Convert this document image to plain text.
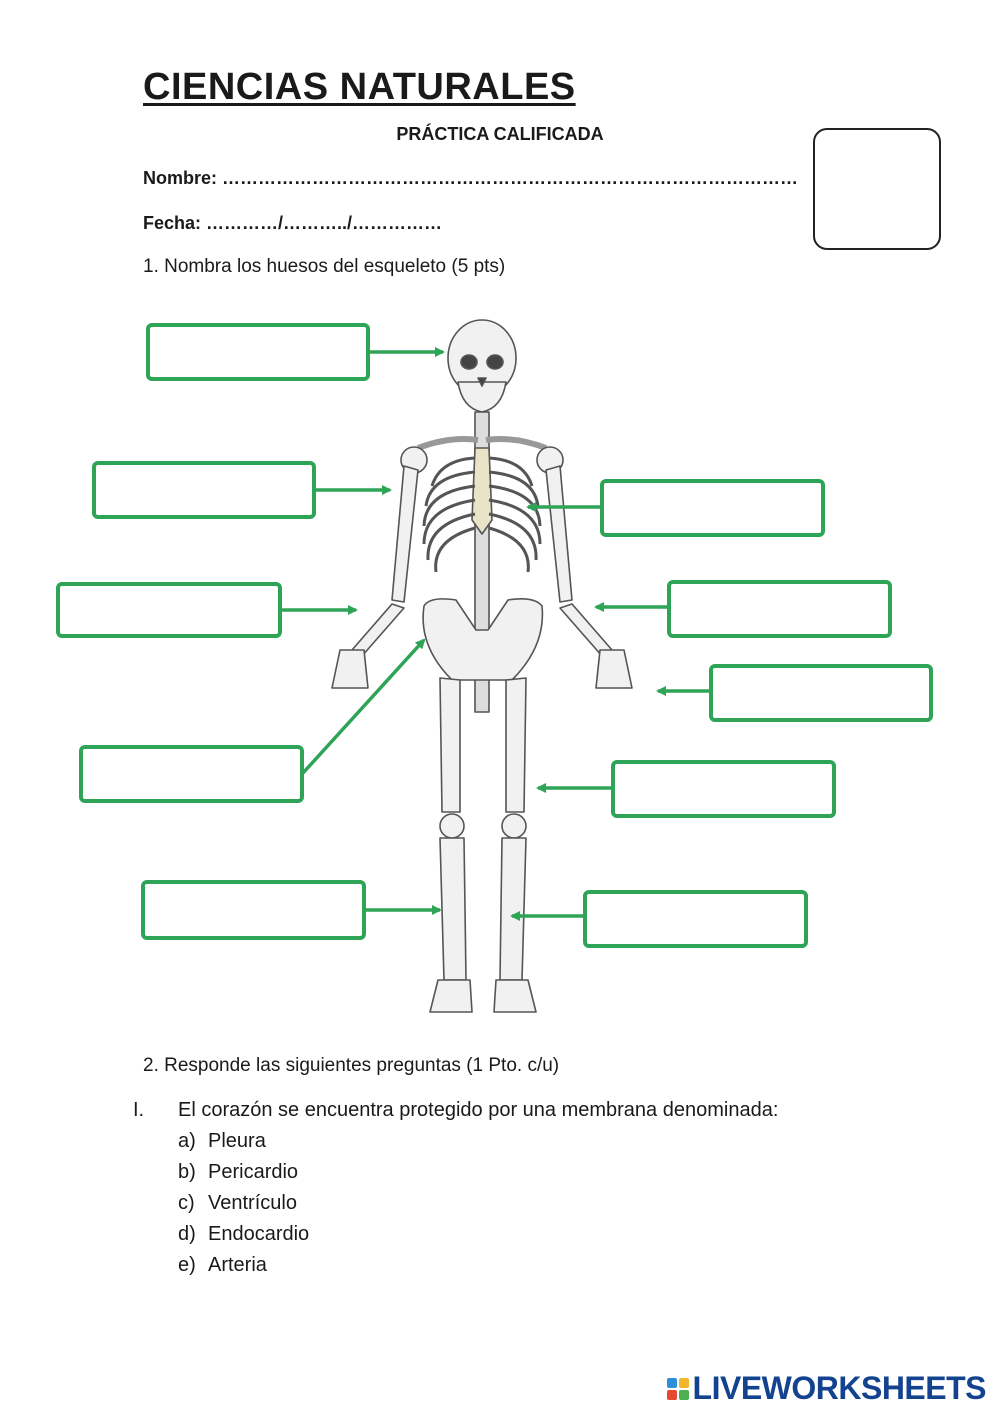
CIENCIAS NATURALES
PRÁCTICA CALIFICADA
Nombre: ……………………………………………………………………………………
Fecha: …………/………../……………
1. Nombra los huesos del esqueleto (5 pts)
2. Responde las siguientes preguntas (1 Pto. c/u)
I. El corazón se encuentra protegido por una membrana denominada:
a) Pleura
b) Pericardio
c) Ventrículo
d) Endocardio
e) Arteria
LIVEWORKSHEETS
